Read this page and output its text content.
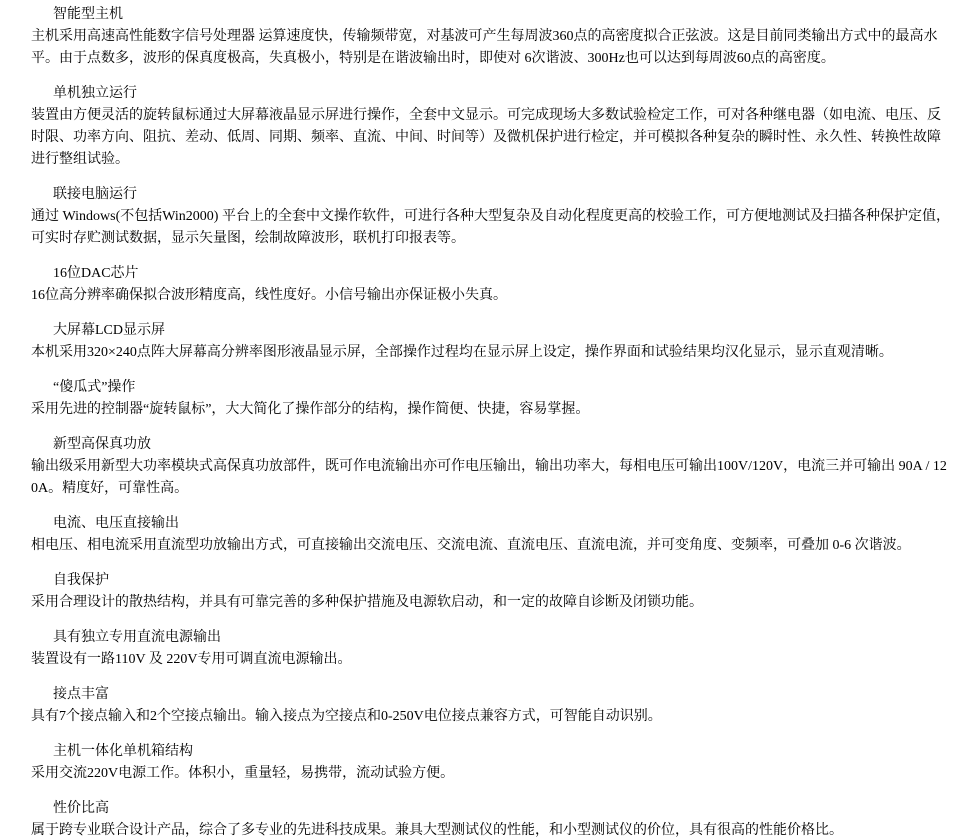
智能型主机

主机采用高速高性能数字信号处理器 运算速度快，传输频带宽，对基波可产生每周波360点的高密度拟合正弦波。这是目前同类输出方式中的最高水平。由于点数多，波形的保真度极高，失真极小，特别是在谐波输出时，即使对 6次谐波、300Hz也可以达到每周波60点的高密度。

单机独立运行

装置由方便灵活的旋转鼠标通过大屏幕液晶显示屏进行操作，全套中文显示。可完成现场大多数试验检定工作，可对各种继电器（如电流、电压、反时限、功率方向、阻抗、差动、低周、同期、频率、直流、中间、时间等）及微机保护进行检定，并可模拟各种复杂的瞬时性、永久性、转换性故障进行整组试验。

联接电脑运行

通过 Windows(不包括Win2000) 平台上的全套中文操作软件，可进行各种大型复杂及自动化程度更高的校验工作，可方便地测试及扫描各种保护定值，可实时存贮测试数据，显示矢量图，绘制故障波形，联机打印报表等。

16位DAC芯片

16位高分辨率确保拟合波形精度高，线性度好。小信号输出亦保证极小失真。

大屏幕LCD显示屏

本机采用320×240点阵大屏幕高分辨率图形液晶显示屏，全部操作过程均在显示屏上设定，操作界面和试验结果均汉化显示，显示直观清晰。

“傻瓜式”操作

采用先进的控制器“旋转鼠标”，大大简化了操作部分的结构，操作简便、快捷，容易掌握。

新型高保真功放

输出级采用新型大功率模块式高保真功放部件，既可作电流输出亦可作电压输出，输出功率大，每相电压可输出100V/120V，电流三并可输出 90A / 120A。精度好，可靠性高。

电流、电压直接输出

相电压、相电流采用直流型功放输出方式，可直接输出交流电压、交流电流、直流电压、直流电流，并可变角度、变频率，可叠加 0-6 次谐波。

自我保护

采用合理设计的散热结构，并具有可靠完善的多种保护措施及电源软启动，和一定的故障自诊断及闭锁功能。

具有独立专用直流电源输出

装置设有一路110V 及 220V专用可调直流电源输出。

接点丰富

具有7个接点输入和2个空接点输出。输入接点为空接点和0-250V电位接点兼容方式，可智能自动识别。

主机一体化单机箱结构

采用交流220V电源工作。体积小，重量轻，易携带，流动试验方便。

性价比高

属于跨专业联合设计产品，综合了多专业的先进科技成果。兼具大型测试仪的性能，和小型测试仪的价位，具有很高的性能价格比。
